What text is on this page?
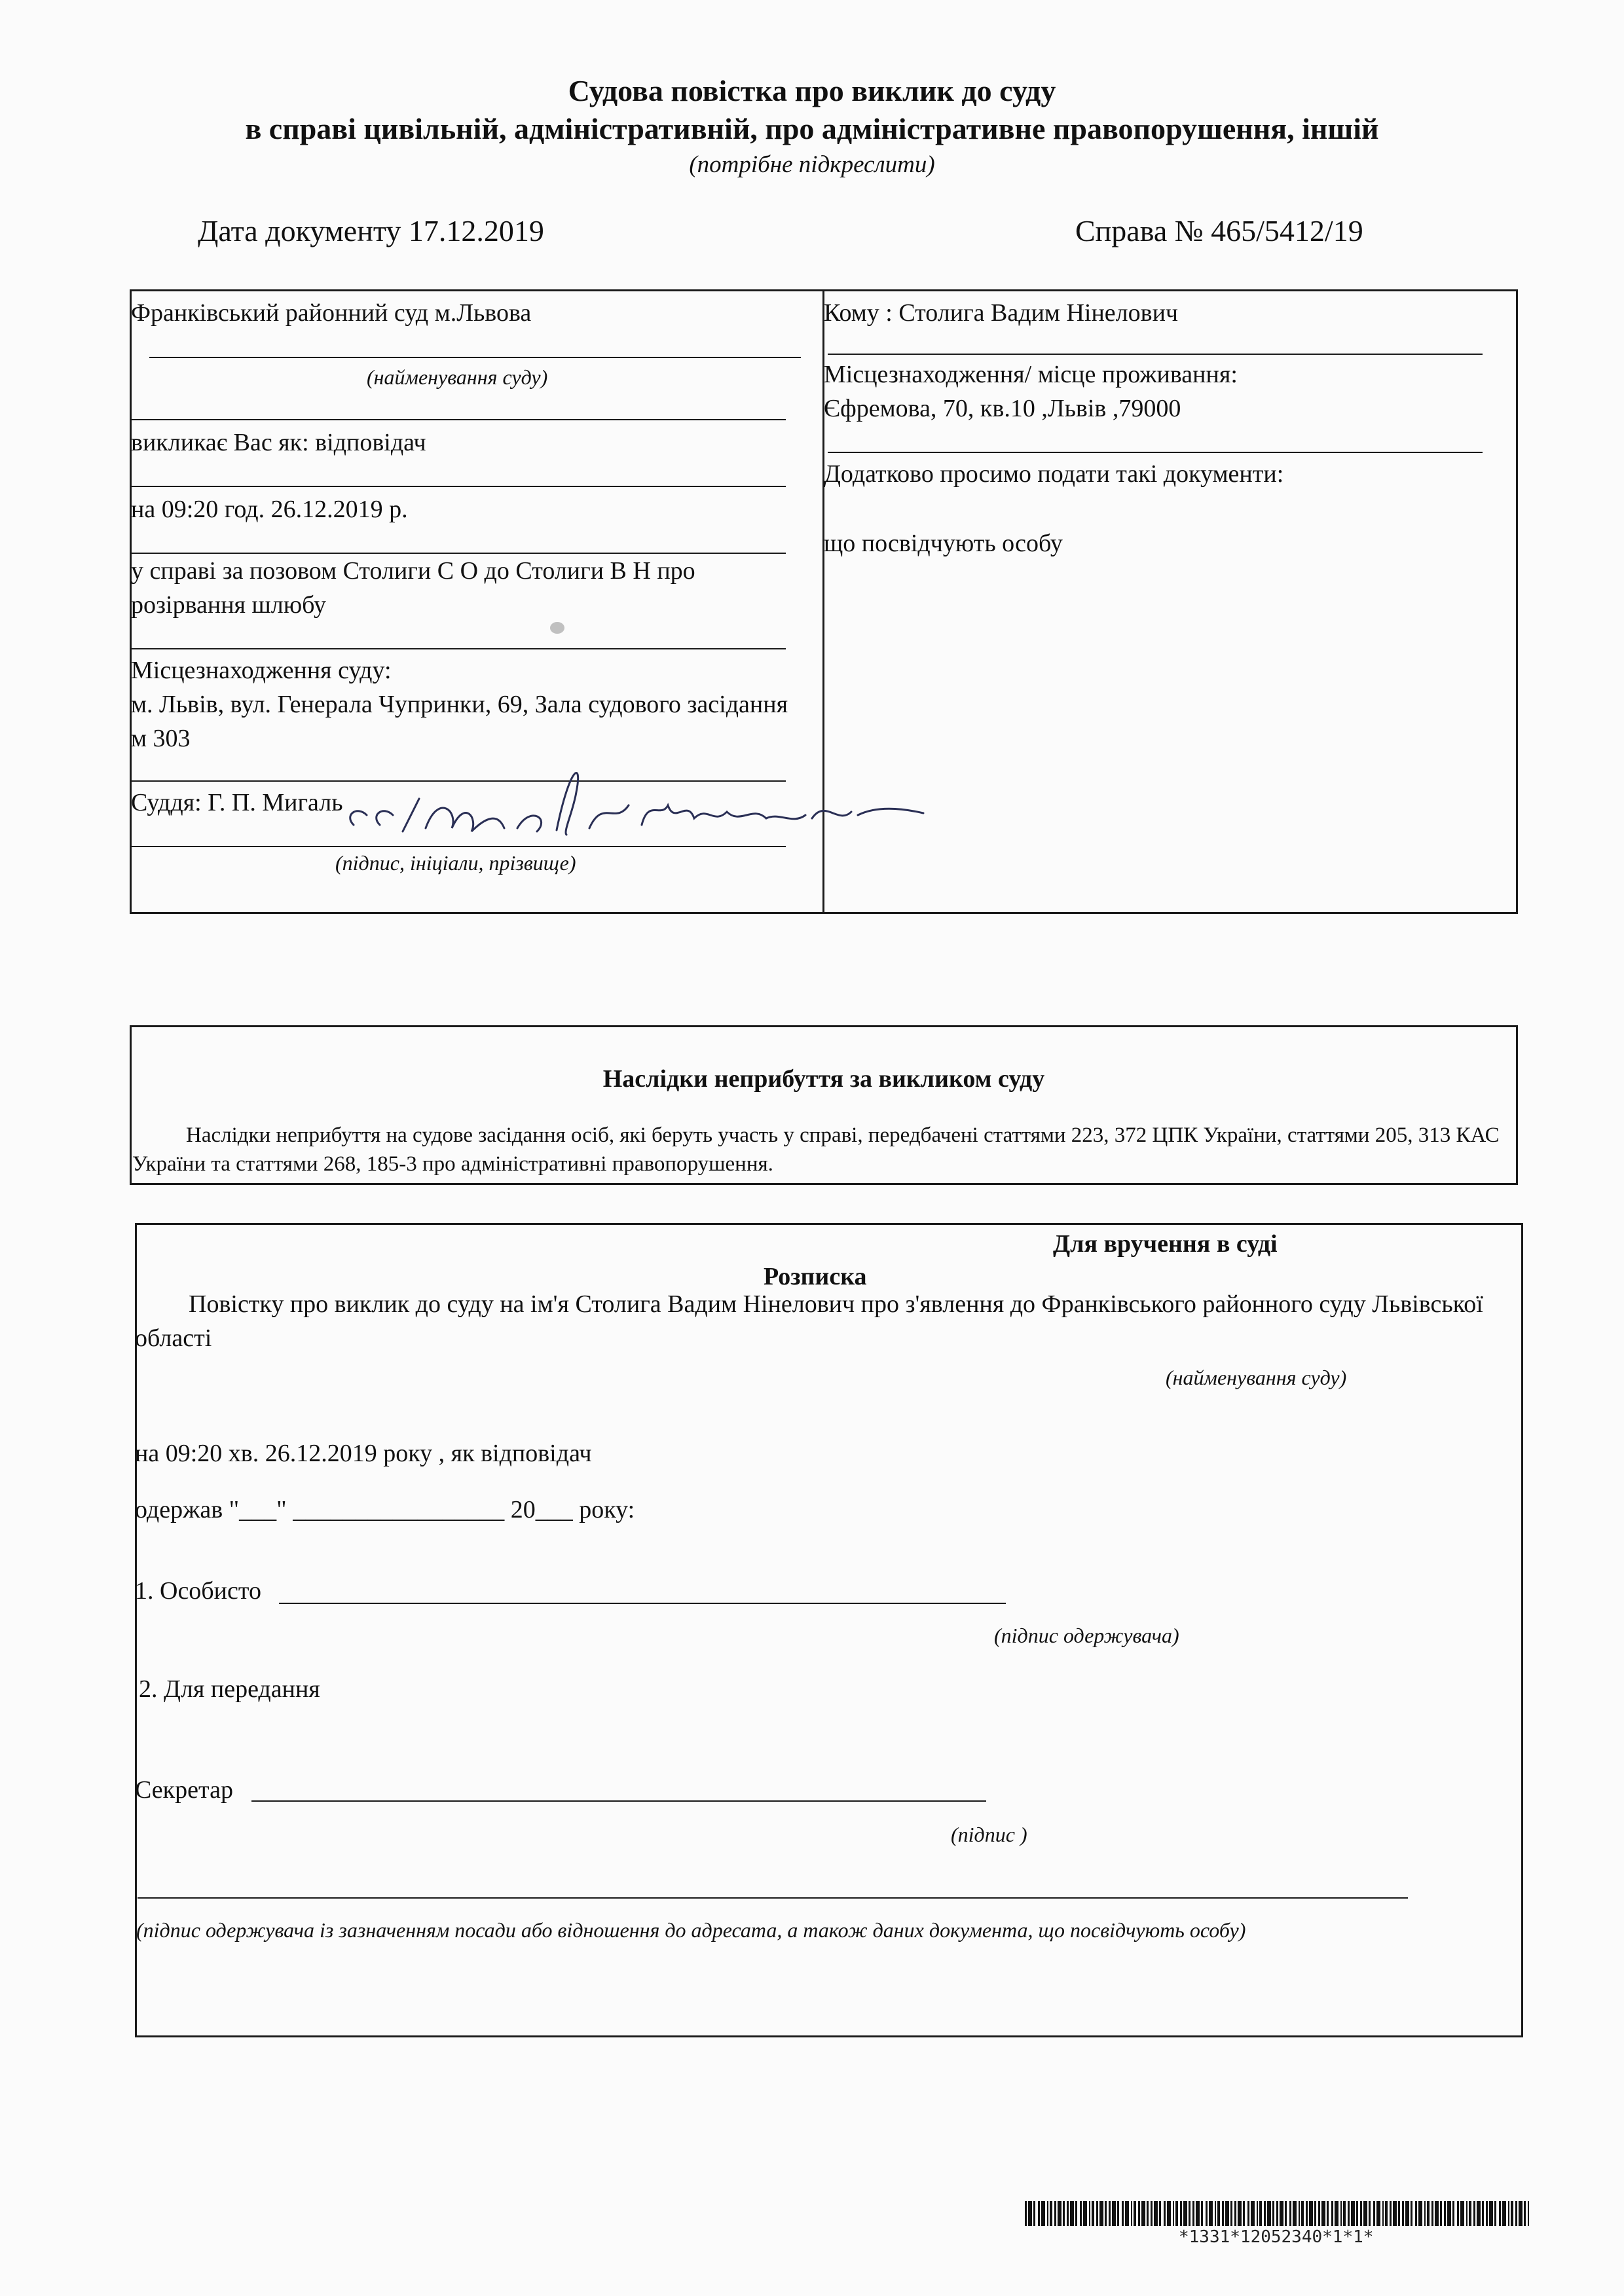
Судова повістка про виклик до суду
в справі цивільній, адміністративній, про адміністративне правопорушення, іншій
(потрібне підкреслити)
Дата документу 17.12.2019	Справа № 465/5412/19
Франківський районний суд м.Львова
(найменування суду)
викликає Вас як: відповідач
на 09:20 год. 26.12.2019 р.
у справі за позовом Столиги С О до Столиги В Н про розірвання шлюбу
Місцезнаходження суду:
м. Львів, вул. Генерала Чупринки, 69, Зала судового засідання м 303
Суддя: Г. П. Мигаль
(підпис, ініціали, прізвище)
Кому : Столига Вадим Нінелович
Місцезнаходження/ місце проживання:
Єфремова, 70, кв.10 ,Львів ,79000
Додатково просимо подати такі документи:
що посвідчують особу
Наслідки неприбуття за викликом суду
Наслідки неприбуття на судове засідання осіб, які беруть участь у справі, передбачені статтями 223, 372 ЦПК України, статтями 205, 313 КАС України та статтями 268, 185-3 про адміністративні правопорушення.
Для вручення в суді
Розписка
Повістку про виклик до суду на ім'я Столига Вадим Нінелович про з'явлення до Франківського районного суду Львівської області
(найменування суду)
на 09:20 хв. 26.12.2019 року , як відповідач
одержав "___" _________________ 20___ року:
1. Особисто
(підпис одержувача)
2. Для передання
Секретар
(підпис )
(підпис одержувача із зазначенням посади або відношення до адресата, а також даних документа, що посвідчують особу)
*1331*12052340*1*1*
